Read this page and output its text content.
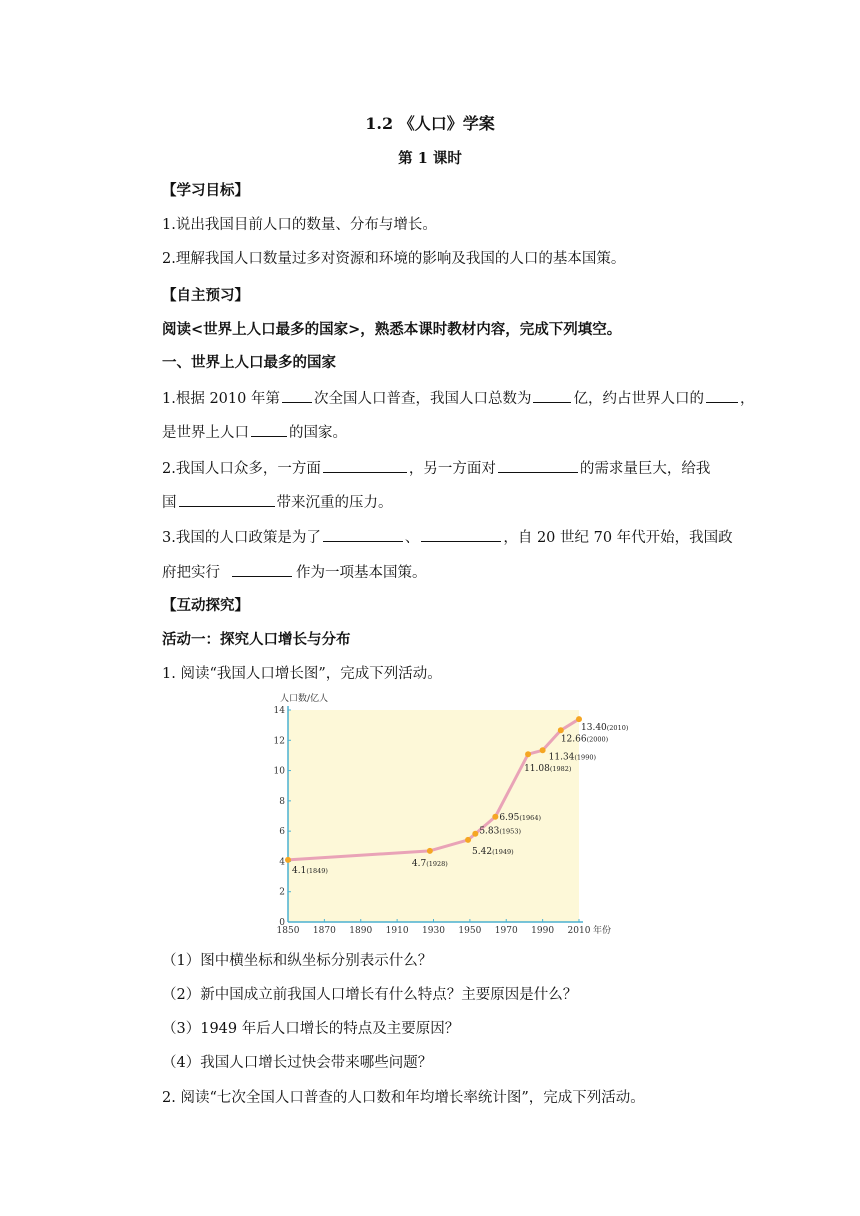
1.2 《人口》学案
第 1 课时
【学习目标】
1.说出我国目前人口的数量、分布与增长。
2.理解我国人口数量过多对资源和环境的影响及我国的人口的基本国策。
【自主预习】
阅读<世界上人口最多的国家>，熟悉本课时教材内容，完成下列填空。
一、世界上人口最多的国家
1.根据 2010 年第 次全国人口普查，我国人口总数为	亿，约占世界人口的 ，
是世界上人口	的国家。
2.我国人口众多，一方面	，另一方面对	的需求量巨大，给我
国	带来沉重的压力。
3.我国的人口政策是为了	、	，自 20 世纪 70 年代开始，我国政
府把实行	作为一项基本国策。
【互动探究】
活动一：探究人口增长与分布
1. 阅读“我国人口增长图”，完成下列活动。
0
2
4
6
8
10
12
14
1850 1870 1890 1910 1930 1950 1970 1990 2010
人口数/亿人
年份
4.1(1849)
4.7(1928)
5.42(1949)
5.83(1953)
6.95(1964)
11.08(1982)
11.34(1990)
12.66(2000)
13.40(2010)
（1）图中横坐标和纵坐标分别表示什么？
（2）新中国成立前我国人口增长有什么特点？主要原因是什么？
（3）1949 年后人口增长的特点及主要原因？
（4）我国人口增长过快会带来哪些问题？
2. 阅读“七次全国人口普查的人口数和年均增长率统计图”，完成下列活动。
